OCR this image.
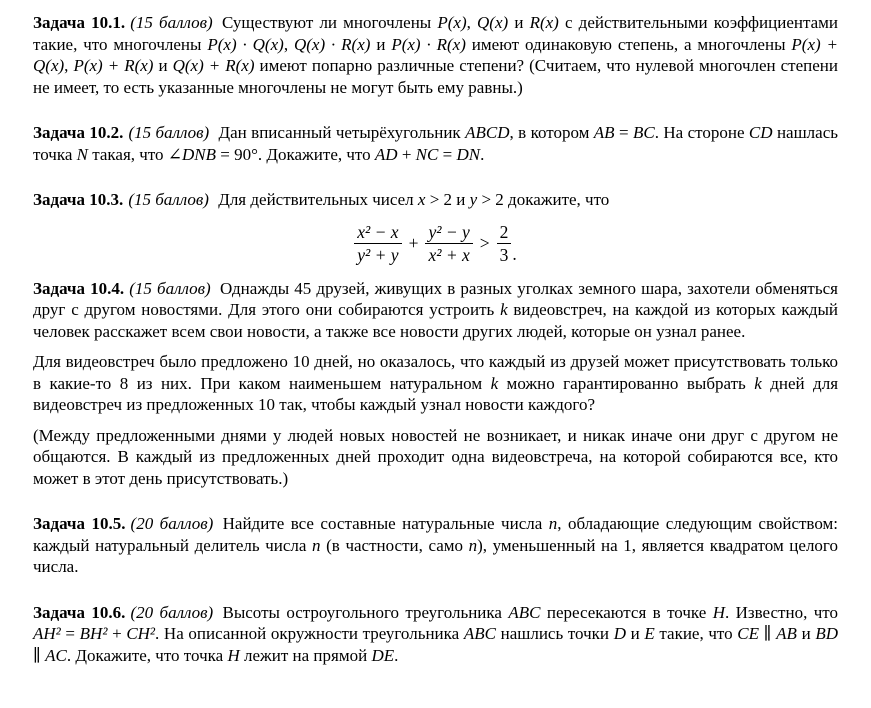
Задача 10.1. (15 баллов) Существуют ли многочлены P(x), Q(x) и R(x) с действительными коэффициентами такие, что многочлены P(x) · Q(x), Q(x) · R(x) и P(x) · R(x) имеют одинаковую степень, а многочлены P(x) + Q(x), P(x) + R(x) и Q(x) + R(x) имеют попарно различные степени? (Считаем, что нулевой многочлен степени не имеет, то есть указанные многочлены не могут быть ему равны.)

Задача 10.2. (15 баллов) Дан вписанный четырёхугольник ABCD, в котором AB = BC. На стороне CD нашлась точка N такая, что ∠DNB = 90°. Докажите, что AD + NC = DN.

Задача 10.3. (15 баллов) Для действительных чисел x > 2 и y > 2 докажите, что

$\frac{\text{x² − x}}{\text{y² + y}} + \frac{\text{y² − y}}{\text{x² + x}} > \frac{2}{3}$ .

Задача 10.4. (15 баллов) Однажды 45 друзей, живущих в разных уголках земного шара, захотели обменяться друг с другом новостями. Для этого они собираются устроить k видеовстреч, на каждой из которых каждый человек расскажет всем свои новости, а также все новости других людей, которые он узнал ранее.

Для видеовстреч было предложено 10 дней, но оказалось, что каждый из друзей может присутствовать только в какие-то 8 из них. При каком наименьшем натуральном k можно гарантированно выбрать k дней для видеовстреч из предложенных 10 так, чтобы каждый узнал новости каждого?

(Между предложенными днями у людей новых новостей не возникает, и никак иначе они друг с другом не общаются. В каждый из предложенных дней проходит одна видеовстреча, на которой собираются все, кто может в этот день присутствовать.)

Задача 10.5. (20 баллов) Найдите все составные натуральные числа n, обладающие следующим свойством: каждый натуральный делитель числа n (в частности, само n), уменьшенный на 1, является квадратом целого числа.

Задача 10.6. (20 баллов) Высоты остроугольного треугольника ABC пересекаются в точке H. Известно, что AH² = BH² + CH². На описанной окружности треугольника ABC нашлись точки D и E такие, что CE ∥ AB и BD ∥ AC. Докажите, что точка H лежит на прямой DE.
